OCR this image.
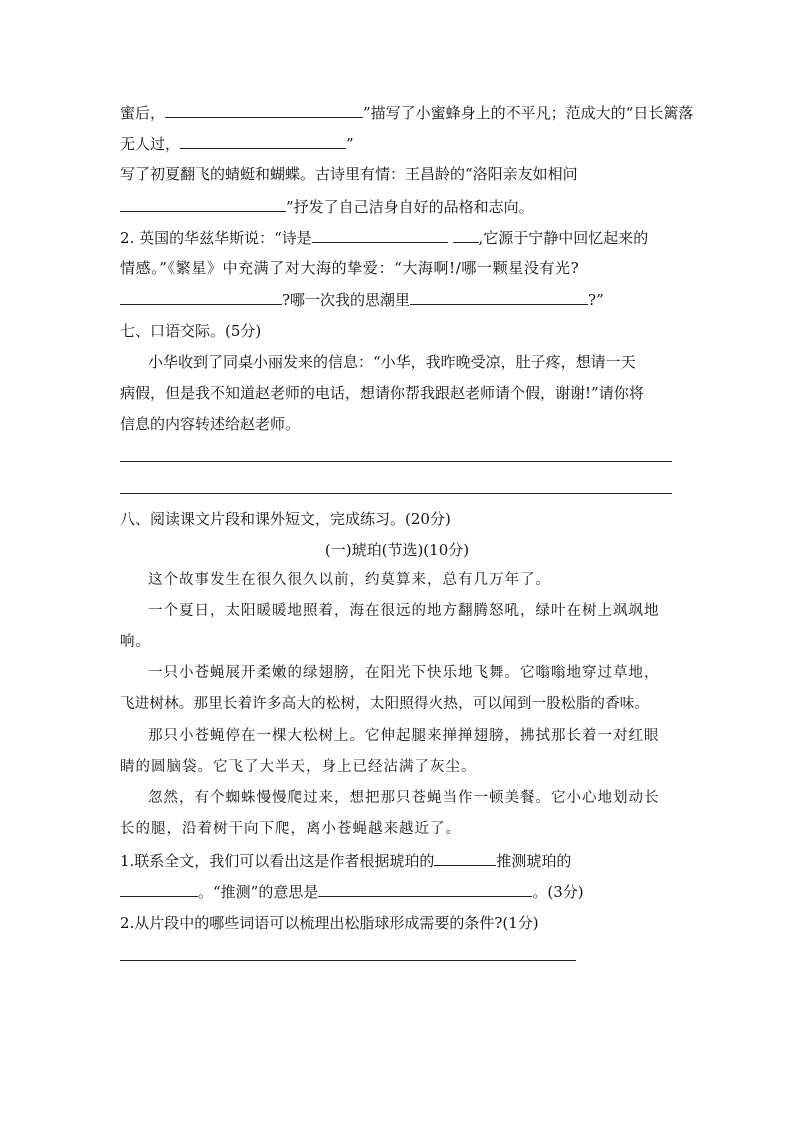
蜜后，	”描写了小蜜蜂身上的不平凡；范成大的“日长篱落
无人过，	”
写了初夏翻飞的蜻蜓和蝴蝶。古诗里有情：王昌龄的“洛阳亲友如相问
”抒发了自己洁身自好的品格和志向。
2. 英国的华兹华斯说：“诗是	,它源于宁静中回忆起来的
情感。”《繁星》中充满了对大海的挚爱：“大海啊!/哪一颗星没有光?
?哪一次我的思潮里	?”
七、口语交际。(5分)
小华收到了同桌小丽发来的信息：“小华，我昨晚受凉，肚子疼，想请一天
病假，但是我不知道赵老师的电话，想请你帮我跟赵老师请个假，谢谢!”请你将
信息的内容转述给赵老师。
八、阅读课文片段和课外短文，完成练习。(20分)
(一)琥珀(节选)(10分)
这个故事发生在很久很久以前，约莫算来，总有几万年了。
一个夏日，太阳暖暖地照着，海在很远的地方翻腾怒吼，绿叶在树上飒飒地
响。
一只小苍蝇展开柔嫩的绿翅膀，在阳光下快乐地飞舞。它嗡嗡地穿过草地，
飞进树林。那里长着许多高大的松树，太阳照得火热，可以闻到一股松脂的香味。
那只小苍蝇停在一棵大松树上。它伸起腿来掸掸翅膀，拂拭那长着一对红眼
睛的圆脑袋。它飞了大半天，身上已经沾满了灰尘。
忽然，有个蜘蛛慢慢爬过来，想把那只苍蝇当作一顿美餐。它小心地划动长
长的腿，沿着树干向下爬，离小苍蝇越来越近了。
1.联系全文，我们可以看出这是作者根据琥珀的	推测琥珀的
。“推测”的意思是	。(3分)
2.从片段中的哪些词语可以梳理出松脂球形成需要的条件?(1分)
